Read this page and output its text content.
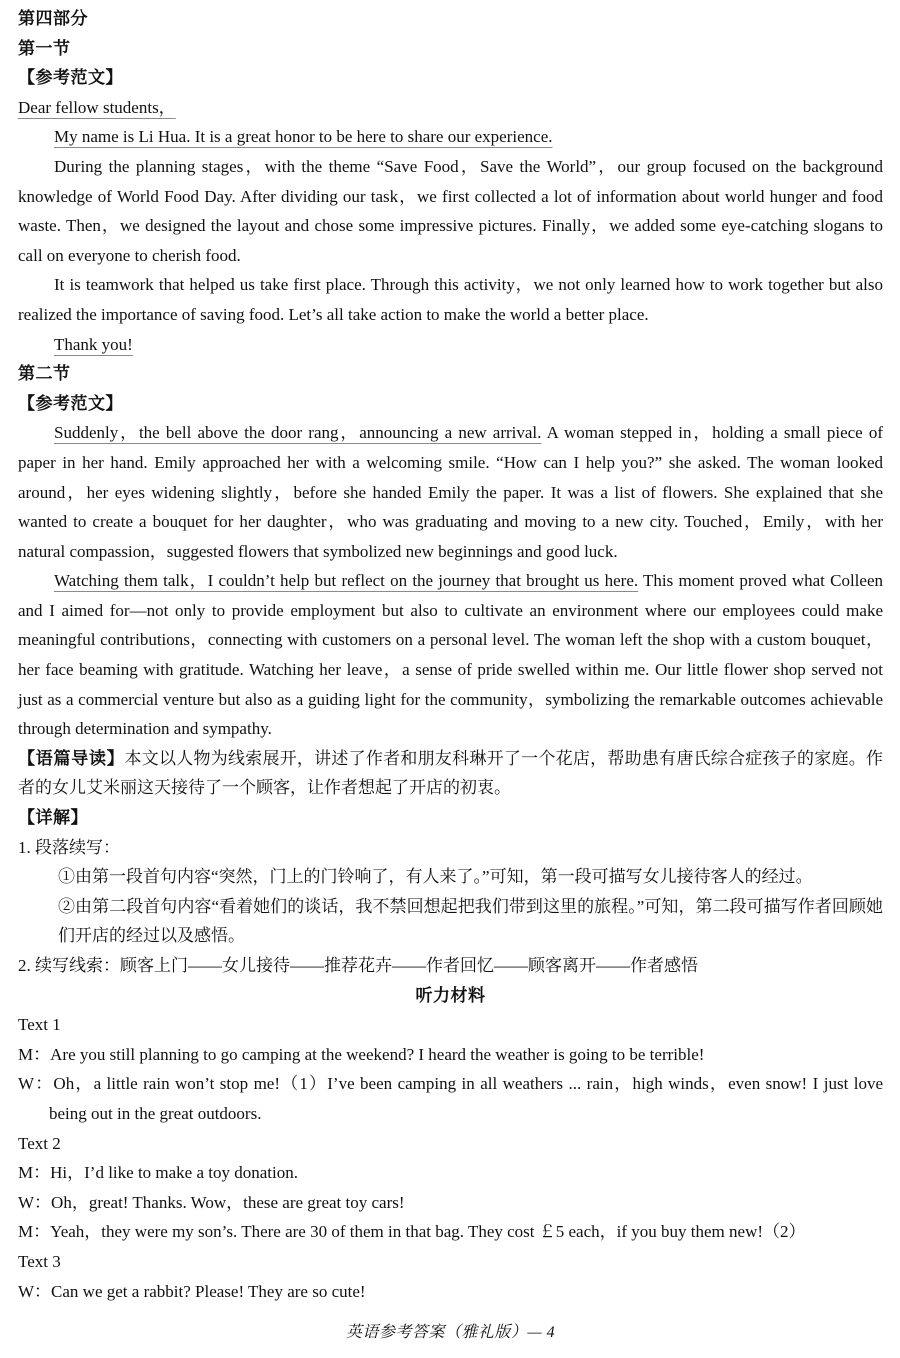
第四部分
第一节
【参考范文】

Dear fellow students，

My name is Li Hua. It is a great honor to be here to share our experience.

During the planning stages，with the theme “Save Food，Save the World”，our group focused on the background knowledge of World Food Day. After dividing our task，we first collected a lot of information about world hunger and food waste. Then，we designed the layout and chose some impressive pictures. Finally，we added some eye-catching slogans to call on everyone to cherish food.

It is teamwork that helped us take first place. Through this activity，we not only learned how to work together but also realized the importance of saving food. Let’s all take action to make the world a better place.

Thank you!

第二节
【参考范文】

Suddenly，the bell above the door rang，announcing a new arrival. A woman stepped in，holding a small piece of paper in her hand. Emily approached her with a welcoming smile. “How can I help you?” she asked. The woman looked around，her eyes widening slightly，before she handed Emily the paper. It was a list of flowers. She explained that she wanted to create a bouquet for her daughter，who was graduating and moving to a new city. Touched，Emily，with her natural compassion，suggested flowers that symbolized new beginnings and good luck.

Watching them talk，I couldn’t help but reflect on the journey that brought us here. This moment proved what Colleen and I aimed for—not only to provide employment but also to cultivate an environment where our employees could make meaningful contributions，connecting with customers on a personal level. The woman left the shop with a custom bouquet，her face beaming with gratitude. Watching her leave，a sense of pride swelled within me. Our little flower shop served not just as a commercial venture but also as a guiding light for the community，symbolizing the remarkable outcomes achievable through determination and sympathy.

【语篇导读】本文以人物为线索展开，讲述了作者和朋友科琳开了一个花店，帮助患有唐氏综合症孩子的家庭。作者的女儿艾米丽这天接待了一个顾客，让作者想起了开店的初衷。

【详解】
1. 段落续写：
①由第一段首句内容“突然，门上的门铃响了，有人来了。”可知，第一段可描写女儿接待客人的经过。
②由第二段首句内容“看着她们的谈话，我不禁回想起把我们带到这里的旅程。”可知，第二段可描写作者回顾她们开店的经过以及感悟。
2. 续写线索：顾客上门——女儿接待——推荐花卉——作者回忆——顾客离开——作者感悟
听力材料
Text 1
M：Are you still planning to go camping at the weekend? I heard the weather is going to be terrible!
W：Oh，a little rain won’t stop me!（1）I’ve been camping in all weathers ... rain，high winds，even snow! I just love being out in the great outdoors.
Text 2
M：Hi，I’d like to make a toy donation.
W：Oh，great! Thanks. Wow，these are great toy cars!
M：Yeah，they were my son’s. There are 30 of them in that bag. They cost ￡5 each，if you buy them new!（2）
Text 3
W：Can we get a rabbit? Please! They are so cute!
英语参考答案（雅礼版）— 4
